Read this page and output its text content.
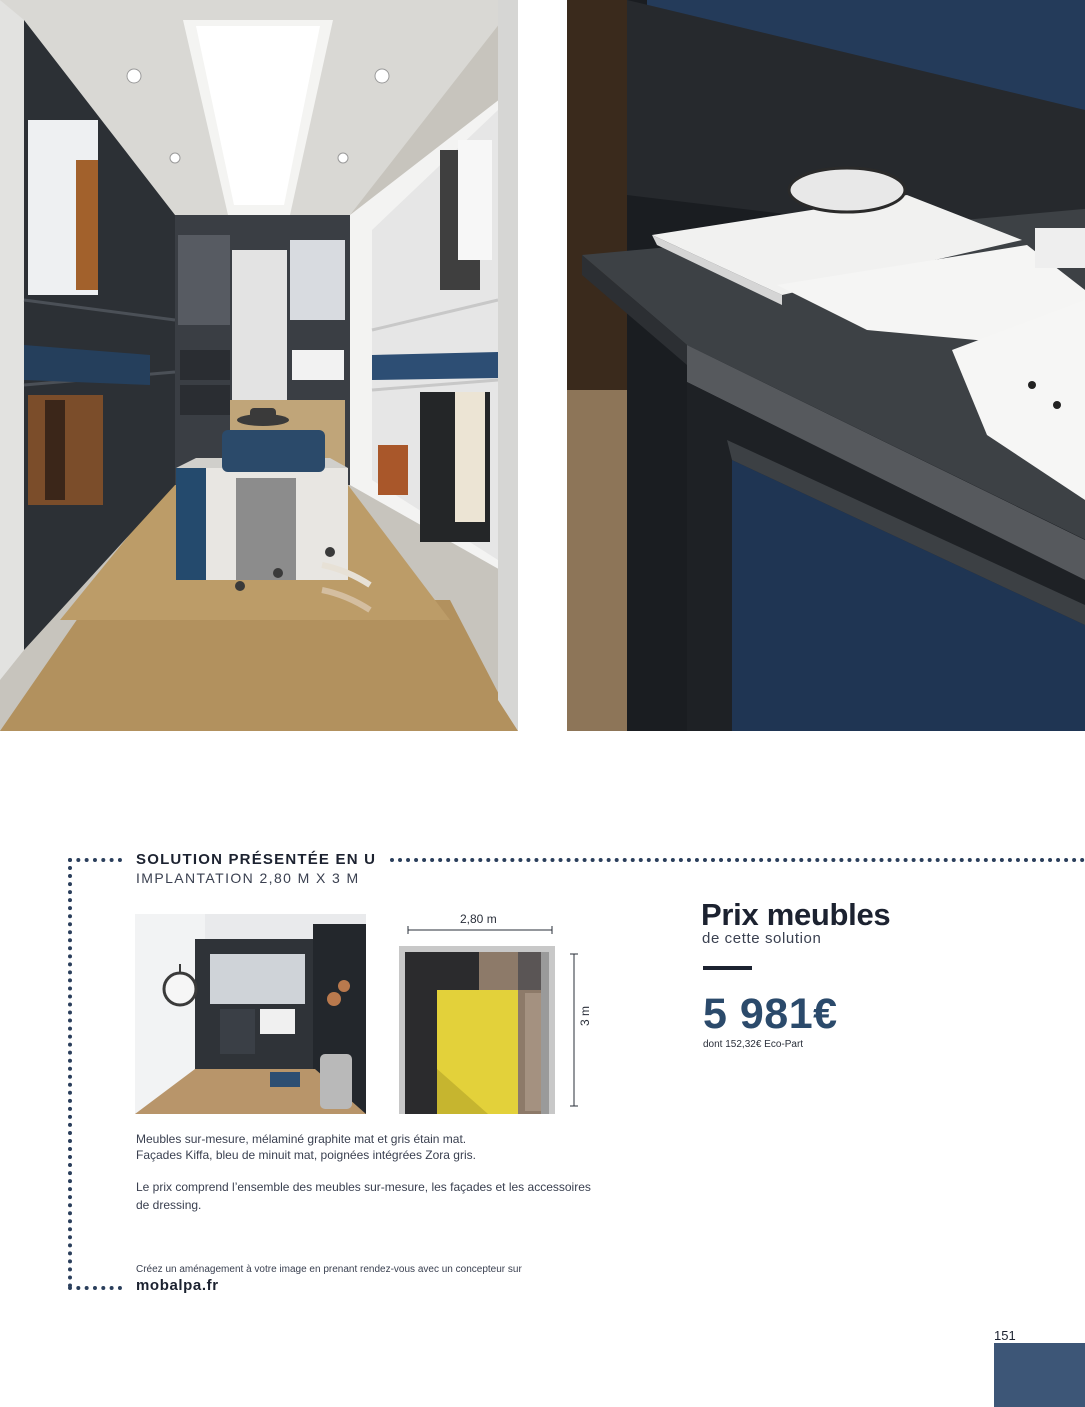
SOLUTION PRÉSENTÉE EN U
IMPLANTATION 2,80 M X 3 M
2,80 m
3 m

Meubles sur-mesure, mélaminé graphite mat et gris étain mat.

Façades Kiffa, bleu de minuit mat, poignées intégrées Zora gris.

Le prix comprend l’ensemble des meubles sur-mesure, les façades et les accessoires

de dressing.

Créez un aménagement à votre image en prenant rendez-vous avec un concepteur sur
mobalpa.fr
Prix meubles
de cette solution
5 981€
dont 152,32€ Eco-Part
151
